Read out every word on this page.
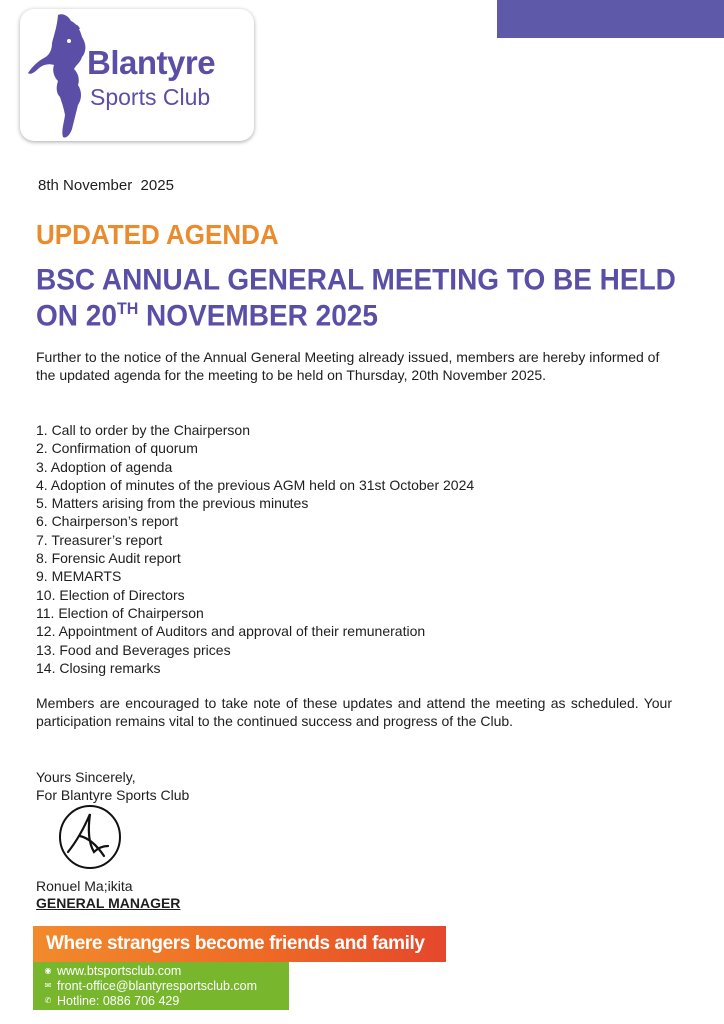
Blantyre
Sports Club
8th November  2025
UPDATED AGENDA
BSC ANNUAL GENERAL MEETING TO BE HELD ON 20TH NOVEMBER 2025
Further to the notice of the Annual General Meeting already issued, members are hereby informed of the updated agenda for the meeting to be held on Thursday, 20th November 2025.
1. Call to order by the Chairperson
2. Confirmation of quorum
3. Adoption of agenda
4. Adoption of minutes of the previous AGM held on 31st October 2024
5. Matters arising from the previous minutes
6. Chairperson’s report
7. Treasurer’s report
8. Forensic Audit report
9. MEMARTS
10. Election of Directors
11. Election of Chairperson
12. Appointment of Auditors and approval of their remuneration
13. Food and Beverages prices
14. Closing remarks
Members are encouraged to take note of these updates and attend the meeting as scheduled. Your participation remains vital to the continued success and progress of the Club.
Yours Sincerely,
For Blantyre Sports Club
Ronuel Ma;ikita
GENERAL MANAGER
Where strangers become friends and family
◉ www.btsportsclub.com
✉ front-office@blantyresportsclub.com
✆ Hotline: 0886 706 429
